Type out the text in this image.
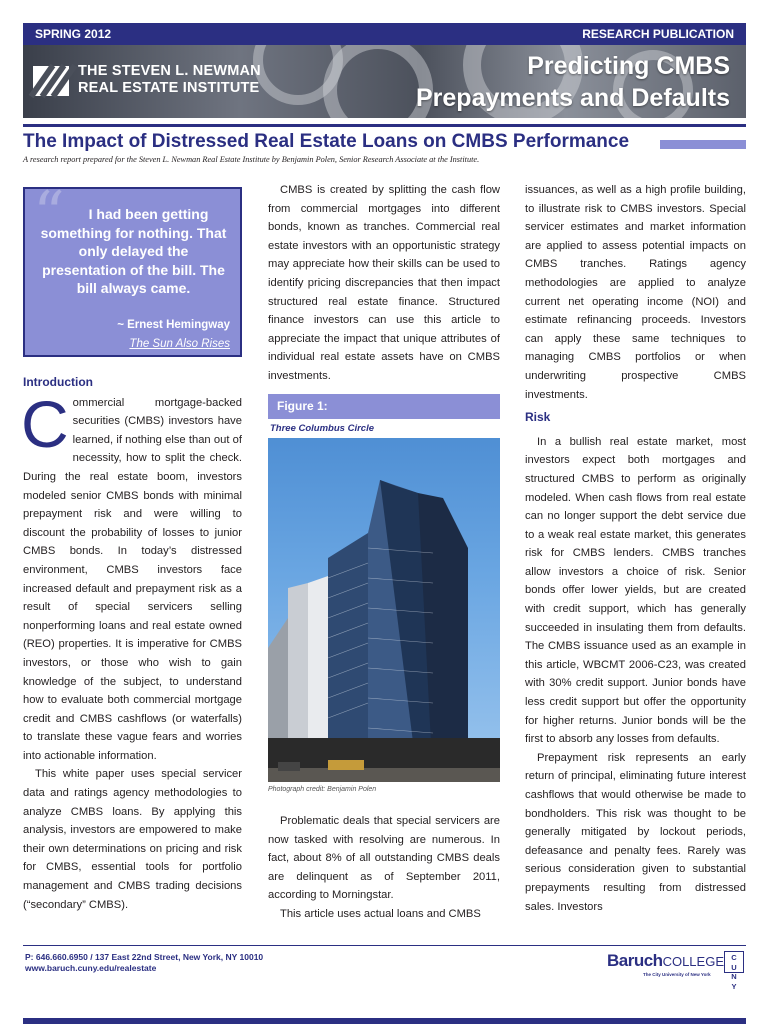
SPRING 2012	RESEARCH PUBLICATION
THE STEVEN L. NEWMAN
REAL ESTATE INSTITUTE
Predicting CMBS
Prepayments and Defaults
The Impact of Distressed Real Estate Loans on CMBS Performance
A research report prepared for the Steven L. Newman Real Estate Institute by Benjamin Polen, Senior Research Associate at the Institute.
“	I had been getting something for nothing. That only delayed the presentation of the bill. The bill always came.
~ Ernest Hemingway
The Sun Also Rises
Introduction

Commercial mortgage-backed securities (CMBS) investors have learned, if nothing else than out of necessity, how to split the check. During the real estate boom, investors modeled senior CMBS bonds with minimal prepayment risk and were willing to discount the probability of losses to junior CMBS bonds. In today’s distressed environment, CMBS investors face increased default and prepayment risk as a result of special servicers selling nonperforming loans and real estate owned (REO) properties. It is imperative for CMBS investors, or those who wish to gain knowledge of the subject, to understand how to evaluate both commercial mortgage credit and CMBS cashflows (or waterfalls) to translate these vague fears and worries into actionable information.

This white paper uses special servicer data and ratings agency methodologies to analyze CMBS loans. By applying this analysis, investors are empowered to make their own determinations on pricing and risk for CMBS, essential tools for portfolio management and CMBS trading decisions (“secondary” CMBS).

CMBS is created by splitting the cash flow from commercial mortgages into different bonds, known as tranches. Commercial real estate investors with an opportunistic strategy may appreciate how their skills can be used to identify pricing discrepancies that then impact structured real estate finance. Structured finance investors can use this article to appreciate the impact that unique attributes of individual real estate assets have on CMBS investments.

Figure 1:
Three Columbus Circle
Photograph credit: Benjamin Polen

Problematic deals that special servicers are now tasked with resolving are numerous. In fact, about 8% of all outstanding CMBS deals are delinquent as of September 2011, according to Morningstar.

This article uses actual loans and CMBS

issuances, as well as a high profile building, to illustrate risk to CMBS investors. Special servicer estimates and market information are applied to assess potential impacts on CMBS tranches. Ratings agency methodologies are applied to analyze current net operating income (NOI) and estimate refinancing proceeds. Investors can apply these same techniques to managing CMBS portfolios or when underwriting prospective CMBS investments.

Risk

In a bullish real estate market, most investors expect both mortgages and structured CMBS to perform as originally modeled. When cash flows from real estate can no longer support the debt service due to a weak real estate market, this generates risk for CMBS lenders. CMBS tranches allow investors a choice of risk. Senior bonds offer lower yields, but are created with credit support, which has generally succeeded in insulating them from defaults. The CMBS issuance used as an example in this article, WBCMT 2006-C23, was created with 30% credit support. Junior bonds have less credit support but offer the opportunity for higher returns. Junior bonds will be the first to absorb any losses from defaults.

Prepayment risk represents an early return of principal, eliminating future interest cashflows that would otherwise be made to bondholders. This risk was thought to be generally mitigated by lockout periods, defeasance and penalty fees. Rarely was serious consideration given to substantial prepayments resulting from distressed sales. Investors

P: 646.660.6950 / 137 East 22nd Street, New York, NY 10010
www.baruch.cuny.edu/realestate	BaruchCOLLEGE
The City University of New York
CUNY
